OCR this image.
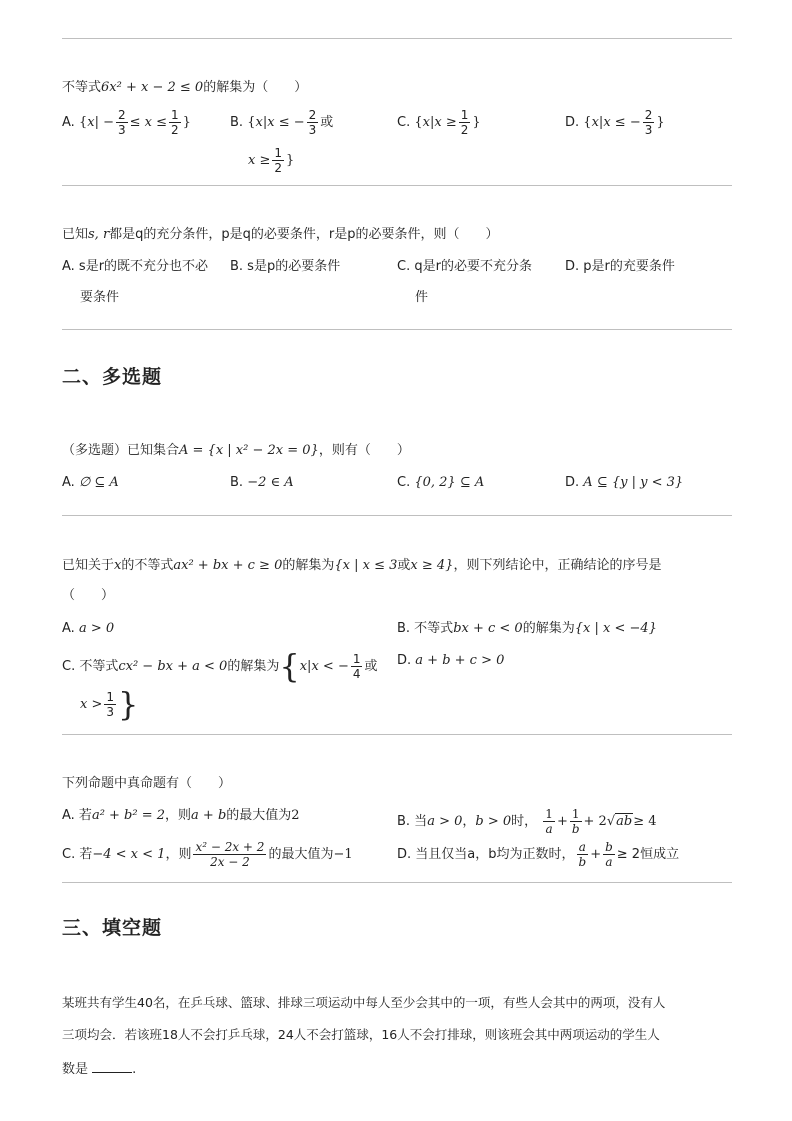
不等式6x² + x − 2 ≤ 0的解集为（　　）
A. {$x| - \frac{2}{3} \le x \le \frac{1}{2}$ }	B. {x|x ≤ − $\frac{2}{3}$ 或
$x \ge \frac{1}{2}$ }
C. {$x|x \ge \frac{1}{2}$ }	D. {x|x ≤ − $\frac{2}{3}$ }
已知s, r都是q的充分条件，p是q的必要条件，r是p的必要条件，则（　　）
A. s是r的既不充分也不必
要条件
B. s是p的必要条件	C. q是r的必要不充分条
件
D. p是r的充要条件
二、多选题
（多选题）已知集合A = {x | x² − 2x = 0}，则有（　　）
A. ∅ ⊆ A	B. −2 ∈ A	C. {0, 2} ⊆ A	D. A ⊆ {y | y < 3}
已知关于x的不等式ax² + bx + c ≥ 0的解集为{x | x ≤ 3或x ≥ 4}，则下列结论中，正确结论的序号是
（　　）
A. a > 0	B. 不等式bx + c < 0的解集为{x | x < −4}
C. 不等式cx² − bx + a < 0的解集为{x|x < − $\frac{1}{4}$ 或
$x > \frac{1}{3}$ }
D. a + b + c > 0
下列命题中真命题有（　　）
A. 若a² + b² = 2，则a + b的最大值为2	B. 当a > 0，b > 0时， $\frac{1}{a} + \frac{1}{b} + 2√ab\ge 4$
C. 若−4 < x < 1，则 $\frac{\text{x² − 2x + 2}}{2x - 2}$ 的最大值为−1	D. 当且仅当a，b均为正数时， $\frac{a}{b} + \frac{b}{a} \ge 2$恒成立
三、填空题
某班共有学生40名，在乒乓球、篮球、排球三项运动中每人至少会其中的一项，有些人会其中的两项，没有人
三项均会．若该班18人不会打乒乓球，24人不会打篮球，16人不会打排球，则该班会其中两项运动的学生人
数是	.
